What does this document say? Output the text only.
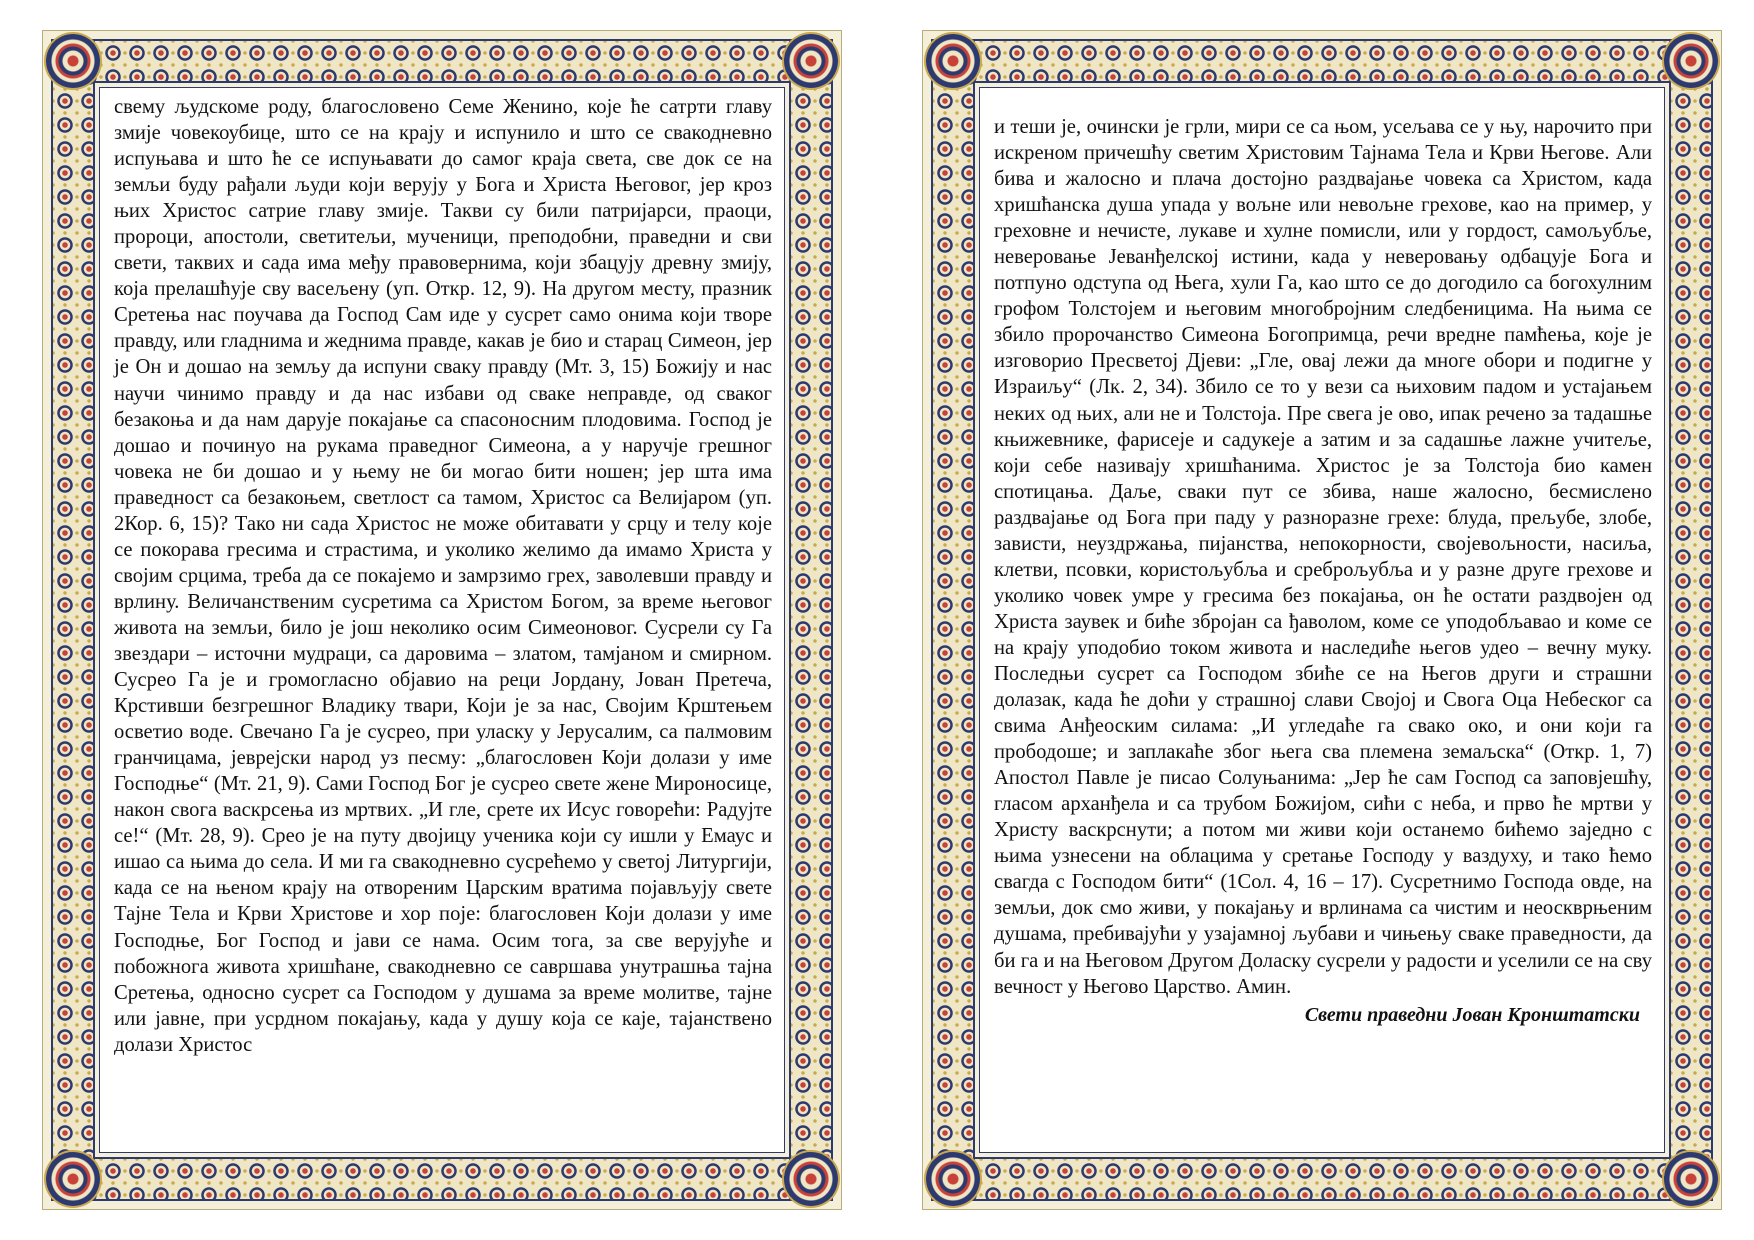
свему људскоме роду, благословено Семе Женино, које ће сатрти главу змије човекоубице, што се на крају и испунило и што се свакодневно испуњава и што ће се испуњавати до самог краја света, све док се на земљи буду рађали људи који верују у Бога и Христа Његовог, јер кроз њих Христос сатрие главу змије. Такви су били патријарси, праоци, пророци, апостоли, светитељи, мученици, преподобни, праведни и сви свети, таквих и сада има међу правовернима, који збацују древну змију, која прелашћује сву васељену (уп. Откр. 12, 9). На другом месту, празник Сретења нас поучава да Господ Сам иде у сусрет само онима који творе правду, или гладнима и жеднима правде, какав је био и старац Симеон, јер је Он и дошао на земљу да испуни сваку правду (Мт. 3, 15) Божију и нас научи чинимо правду и да нас избави од сваке неправде, од сваког безакоња и да нам дарује покајање са спасоносним плодовима. Господ је дошао и починуо на рукама праведног Симеона, а у наручје грешног човека не би дошао и у њему не би могао бити ношен; јер шта има праведност са безакоњем, светлост са тамом, Христос са Велијаром (уп. 2Кор. 6, 15)? Тако ни сада Христос не може обитавати у срцу и телу које се покорава гресима и страстима, и уколико желимо да имамо Христа у својим срцима, треба да се покајемо и замрзимо грех, заволевши правду и врлину. Величанственим сусретима са Христом Богом, за време његовог живота на земљи, било је још неколико осим Симеоновог. Сусрели су Га звездари – источни мудраци, са даровима – златом, тамјаном и смирном. Сусрео Га је и громогласно објавио на реци Јордану, Јован Претеча, Крстивши безгрешног Владику твари, Који је за нас, Својим Крштењем осветио воде. Свечано Га је сусрео, при уласку у Јерусалим, са палмовим гранчицама, јеврејски народ уз песму: „благословен Који долази у име Господње“ (Мт. 21, 9). Сами Господ Бог је сусрео свете жене Мироносице, након свога васкрсења из мртвих. „И гле, срете их Исус говорећи: Радујте се!“ (Мт. 28, 9). Срео је на путу двојицу ученика који су ишли у Емаус и ишао са њима до села. И ми га свакодневно сусрећемо у светој Литургији, када се на њеном крају на отвореним Царским вратима појављују свете Тајне Тела и Крви Христове и хор поје: благословен Који долази у име Господње, Бог Господ и јави се нама. Осим тога, за све верујуће и побожнога живота хришћане, свакодневно се савршава унутрашња тајна Сретења, односно сусрет са Господом у душама за време молитве, тајне или јавне, при усрдном покајању, када у душу која се каје, тајанствено долази Христос

и теши је, очински је грли, мири се са њом, усељава се у њу, нарочито при искреном причешћу светим Христовим Тајнама Тела и Крви Његове. Али бива и жалосно и плача достојно раздвајање човека са Христом, када хришћанска душа упада у вољне или невољне грехове, као на пример, у греховне и нечисте, лукаве и хулне помисли, или у гордост, самољубље, неверовање Јеванђелској истини, када у неверовању одбацује Бога и потпуно одступа од Њега, хули Га, као што се до догодило са богохулним грофом Толстојем и његовим многобројним следбеницима. На њима се збило пророчанство Симеона Богопримца, речи вредне памћења, које је изговорио Пресветој Дјеви: „Гле, овај лежи да многе обори и подигне у Израиљу“ (Лк. 2, 34). Збило се то у вези са њиховим падом и устајањем неких од њих, али не и Толстоја. Пре свега је ово, ипак речено за тадашње књижевнике, фарисеје и садукеје а затим и за садашње лажне учитеље, који себе називају хришћанима. Христос је за Толстоја био камен спотицања. Даље, сваки пут се збива, наше жалосно, бесмислено раздвајање од Бога при паду у разноразне грехе: блуда, прељубе, злобе, зависти, неуздржања, пијанства, непокорности, својевољности, насиља, клетви, псовки, користољубља и среброљубља и у разне друге грехове и уколико човек умре у гресима без покајања, он ће остати раздвојен од Христа заувек и биће збројан са ђаволом, коме се уподобљавао и коме се на крају уподобио током живота и наследиће његов удео – вечну муку. Последњи сусрет са Господом збиће се на Његов други и страшни долазак, када ће доћи у страшној слави Својој и Свога Оца Небеског са свима Анђеоским силама: „И угледаће га свако око, и они који га прободоше; и заплакаће због њега сва племена земаљска“ (Откр. 1, 7) Апостол Павле је писао Солуњанима: „Јер ће сам Господ са заповјешћу, гласом арханђела и са трубом Божијом, сићи с неба, и прво ће мртви у Христу васкрснути; а потом ми живи који останемо бићемо заједно с њима узнесени на облацима у сретање Господу у ваздуху, и тако ћемо свагда с Господом бити“ (1Сол. 4, 16 – 17). Сусретнимо Господа овде, на земљи, док смо живи, у покајању и врлинама са чистим и неоскврњеним душама, пребивајући у узајамној љубави и чињењу сваке праведности, да би га и на Његовом Другом Доласку сусрели у радости и уселили се на сву вечност у Његово Царство. Амин.

Свети праведни Јован Кронштатски
